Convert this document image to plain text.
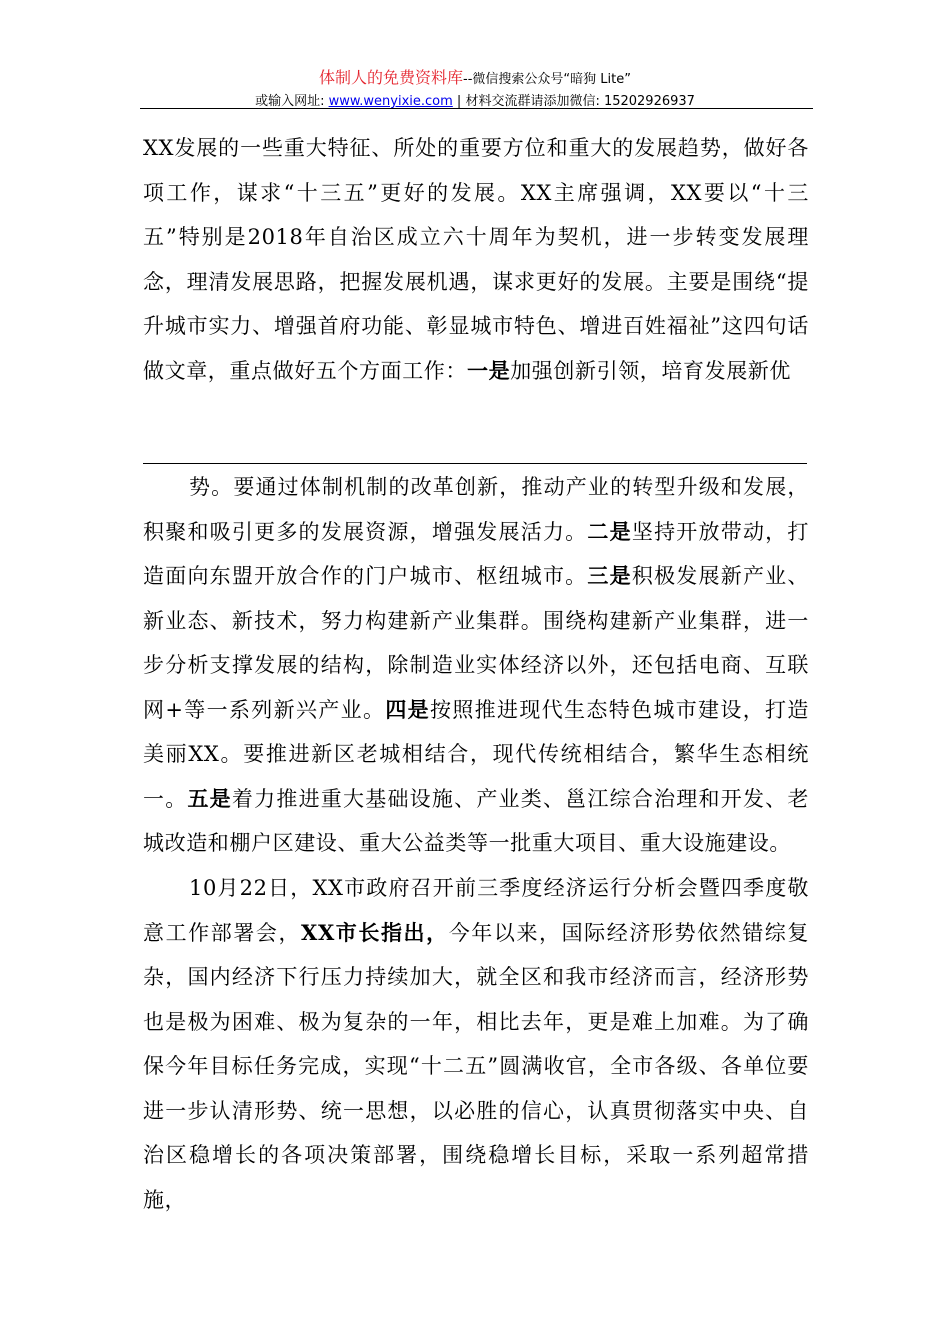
体制人的免费资料库--微信搜索公众号“暗狗 Lite”
或输入网址: www.wenyixie.com | 材料交流群请添加微信: 15202926937
XX发展的一些重大特征、所处的重要方位和重大的发展趋势，做好各项工作，谋求“十三五”更好的发展。XX主席强调，XX要以“十三五”特别是2018年自治区成立六十周年为契机，进一步转变发展理念，理清发展思路，把握发展机遇，谋求更好的发展。主要是围绕“提升城市实力、增强首府功能、彰显城市特色、增进百姓福祉”这四句话做文章，重点做好五个方面工作：一是加强创新引领，培育发展新优
势。要通过体制机制的改革创新，推动产业的转型升级和发展，积聚和吸引更多的发展资源，增强发展活力。二是坚持开放带动，打造面向东盟开放合作的门户城市、枢纽城市。三是积极发展新产业、新业态、新技术，努力构建新产业集群。围绕构建新产业集群，进一步分析支撑发展的结构，除制造业实体经济以外，还包括电商、互联网+等一系列新兴产业。四是按照推进现代生态特色城市建设，打造美丽XX。要推进新区老城相结合，现代传统相结合，繁华生态相统一。五是着力推进重大基础设施、产业类、邕江综合治理和开发、老城改造和棚户区建设、重大公益类等一批重大项目、重大设施建设。
10月22日，XX市政府召开前三季度经济运行分析会暨四季度敬意工作部署会，XX市长指出，今年以来，国际经济形势依然错综复杂，国内经济下行压力持续加大，就全区和我市经济而言，经济形势也是极为困难、极为复杂的一年，相比去年，更是难上加难。为了确保今年目标任务完成，实现“十二五”圆满收官，全市各级、各单位要进一步认清形势、统一思想，以必胜的信心，认真贯彻落实中央、自治区稳增长的各项决策部署，围绕稳增长目标，采取一系列超常措施，
